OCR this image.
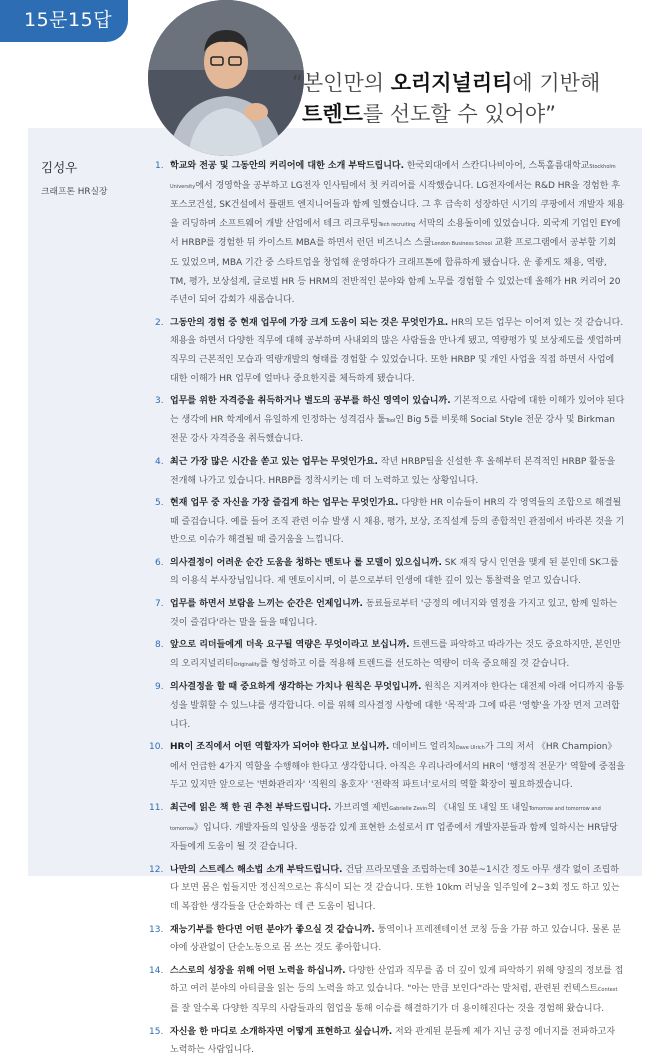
15문15답
“본인만의 오리지널리티에 기반해
트렌드를 선도할 수 있어야”
김성우
크래프톤 HR실장
1. 학교와 전공 및 그동안의 커리어에 대한 소개 부탁드립니다. 한국외대에서 스칸디나비아어, 스톡홀름대학교Stockholm University에서 경영학을 공부하고 LG전자 인사팀에서 첫 커리어를 시작했습니다. LG전자에서는 R&D HR을 경험한 후 포스코건설, SK건설에서 플랜트 엔지니어들과 함께 일했습니다. 그 후 급속히 성장하던 시기의 쿠팡에서 개발자 채용을 리딩하며 소프트웨어 개발 산업에서 테크 리크루팅Tech recruiting 서막의 소용돌이에 있었습니다. 외국계 기업인 EY에서 HRBP를 경험한 뒤 카이스트 MBA를 하면서 런던 비즈니스 스쿨London Business School 교환 프로그램에서 공부할 기회도 있었으며, MBA 기간 중 스타트업을 창업해 운영하다가 크래프톤에 합류하게 됐습니다. 운 좋게도 채용, 역량, TM, 평가, 보상설계, 글로벌 HR 등 HRM의 전반적인 분야와 함께 노무를 경험할 수 있었는데 올해가 HR 커리어 20주년이 되어 감회가 새롭습니다.
2. 그동안의 경험 중 현재 업무에 가장 크게 도움이 되는 것은 무엇인가요. HR의 모든 업무는 이어져 있는 것 같습니다. 채용을 하면서 다양한 직무에 대해 공부하며 사내외의 많은 사람들을 만나게 됐고, 역량평가 및 보상제도를 셋업하며 직무의 근본적인 모습과 역량개발의 형태를 경험할 수 있었습니다. 또한 HRBP 및 개인 사업을 직접 하면서 사업에 대한 이해가 HR 업무에 얼마나 중요한지를 체득하게 됐습니다.
3. 업무를 위한 자격증을 취득하거나 별도의 공부를 하신 영역이 있습니까. 기본적으로 사람에 대한 이해가 있어야 된다는 생각에 HR 학계에서 유일하게 인정하는 성격검사 툴Tool인 Big 5를 비롯해 Social Style 전문 강사 및 Birkman 전문 강사 자격증을 취득했습니다.
4. 최근 가장 많은 시간을 쏟고 있는 업무는 무엇인가요. 작년 HRBP팀을 신설한 후 올해부터 본격적인 HRBP 활동을 전개해 나가고 있습니다. HRBP를 정착시키는 데 더 노력하고 있는 상황입니다.
5. 현재 업무 중 자신을 가장 즐겁게 하는 업무는 무엇인가요. 다양한 HR 이슈들이 HR의 각 영역들의 조합으로 해결될 때 즐겁습니다. 예를 들어 조직 관련 이슈 발생 시 채용, 평가, 보상, 조직설계 등의 종합적인 관점에서 바라본 것을 기반으로 이슈가 해결될 때 즐거움을 느낍니다.
6. 의사결정이 어려운 순간 도움을 청하는 멘토나 롤 모델이 있으십니까. SK 재직 당시 인연을 맺게 된 분인데 SK그룹의 이용식 부사장님입니다. 제 멘토이시며, 이 분으로부터 인생에 대한 깊이 있는 통찰력을 얻고 있습니다.
7. 업무를 하면서 보람을 느끼는 순간은 언제입니까. 동료들로부터 '긍정의 에너지와 열정을 가지고 있고, 함께 일하는 것이 즐겁다'라는 말을 들을 때입니다.
8. 앞으로 리더들에게 더욱 요구될 역량은 무엇이라고 보십니까. 트렌드를 파악하고 따라가는 것도 중요하지만, 본인만의 오리지널리티Originality를 형성하고 이를 적용해 트렌드를 선도하는 역량이 더욱 중요해질 것 같습니다.
9. 의사결정을 할 때 중요하게 생각하는 가치나 원칙은 무엇입니까. 원칙은 지켜져야 한다는 대전제 아래 어디까지 융통성을 발휘할 수 있느냐를 생각합니다. 이를 위해 의사결정 사항에 대한 '목적'과 그에 따른 '영향'을 가장 먼저 고려합니다.
10. HR이 조직에서 어떤 역할자가 되어야 한다고 보십니까. 데이비드 얼리치Dave Ulrich가 그의 저서 《HR Champion》에서 언급한 4가지 역할을 수행해야 한다고 생각합니다. 아직은 우리나라에서의 HR이 '행정적 전문가' 역할에 중점을 두고 있지만 앞으로는 '변화관리자' '직원의 옹호자' '전략적 파트너'로서의 역할 확장이 필요하겠습니다.
11. 최근에 읽은 책 한 권 추천 부탁드립니다. 가브리엘 제빈Gabrielle Zevin의 《내일 또 내일 또 내일Tomorrow and tomorrow and tomorrow》입니다. 개발자들의 일상을 생동감 있게 표현한 소설로서 IT 업종에서 개발자분들과 함께 일하시는 HR담당자들에게 도움이 될 것 같습니다.
12. 나만의 스트레스 해소법 소개 부탁드립니다. 건담 프라모델을 조립하는데 30분~1시간 정도 아무 생각 없이 조립하다 보면 몸은 힘들지만 정신적으로는 휴식이 되는 것 같습니다. 또한 10km 러닝을 일주일에 2~3회 정도 하고 있는데 복잡한 생각들을 단순화하는 데 큰 도움이 됩니다.
13. 재능기부를 한다면 어떤 분야가 좋으실 것 같습니까. 퉁역이나 프레젠테이션 코칭 등을 가끔 하고 있습니다. 물론 분야에 상관없이 단순노동으로 몸 쓰는 것도 좋아합니다.
14. 스스로의 성장을 위해 어떤 노력을 하십니까. 다양한 산업과 직무를 좀 더 깊이 있게 파악하기 위해 양질의 정보를 접하고 여러 분야의 아티클을 읽는 등의 노력을 하고 있습니다. "아는 만큼 보인다"라는 말처럼, 관련된 컨텍스트Context를 잘 알수록 다양한 직무의 사람들과의 협업을 통해 이슈를 해결하기가 더 용이해진다는 것을 경험해 왔습니다.
15. 자신을 한 마디로 소개하자면 어떻게 표현하고 싶습니까. 저와 관계된 분들께 제가 지닌 긍정 에너지를 전파하고자 노력하는 사람입니다.
